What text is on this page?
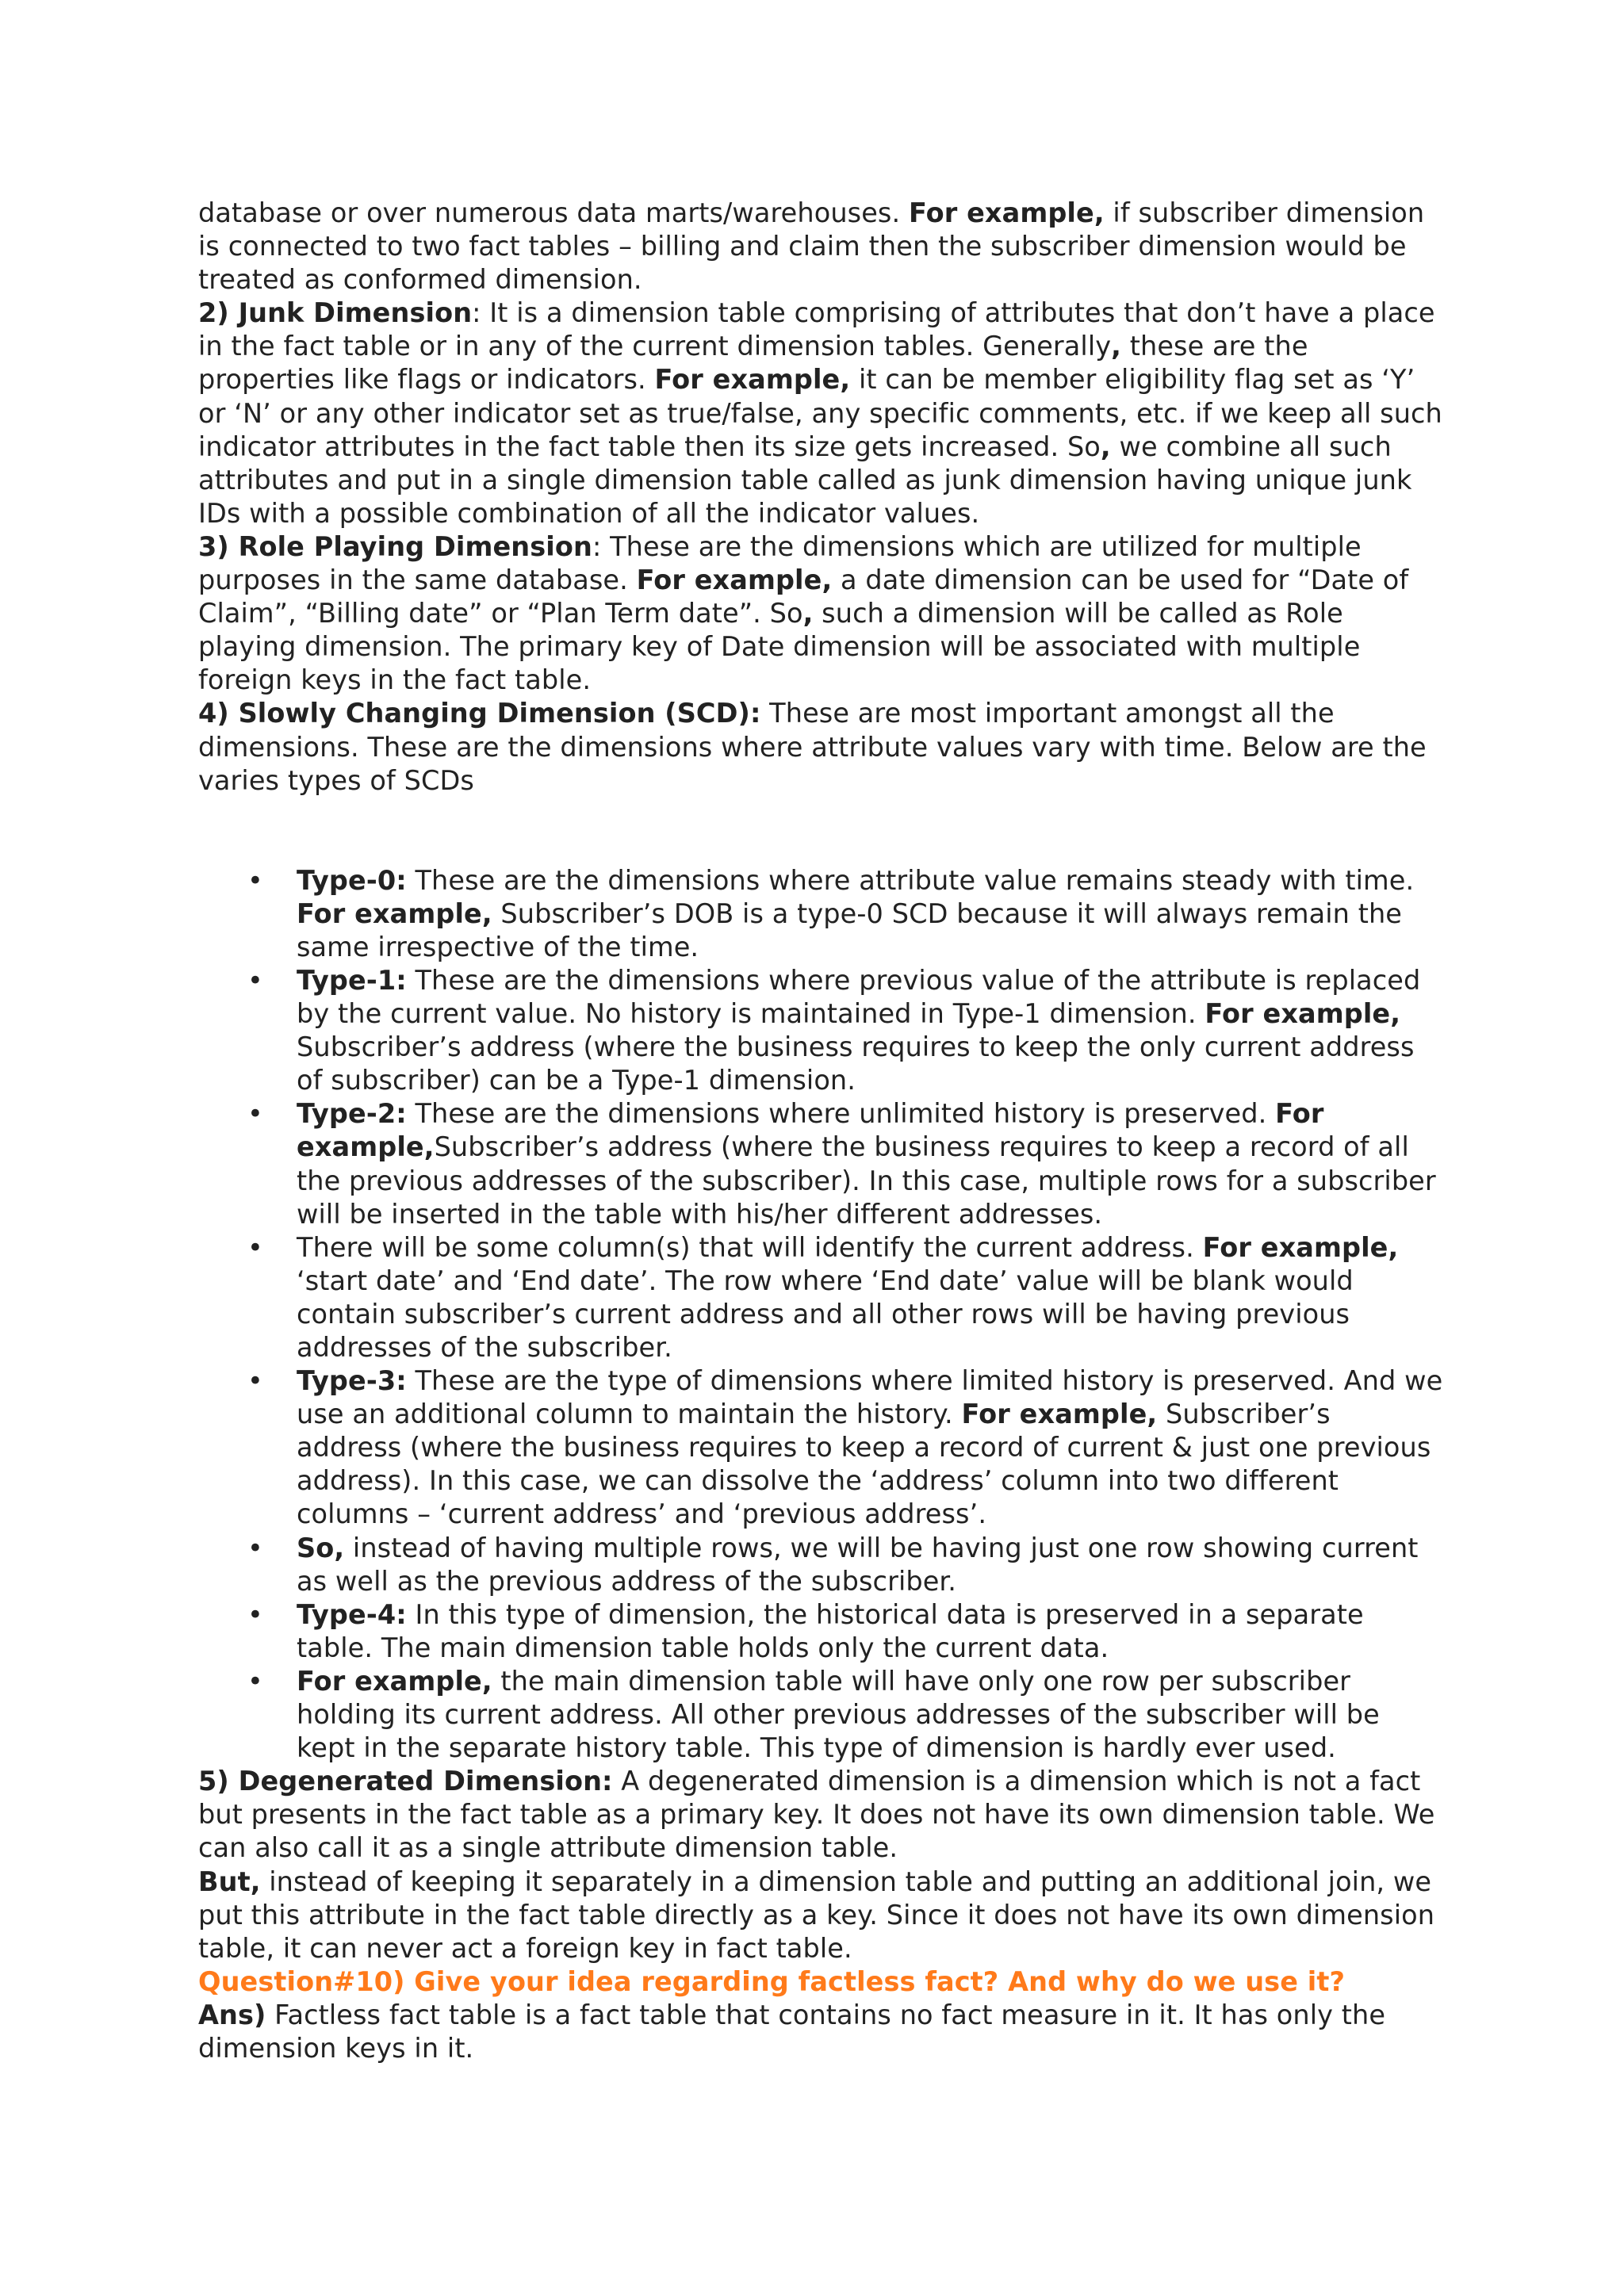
database or over numerous data marts/warehouses. For example, if subscriber dimension is connected to two fact tables – billing and claim then the subscriber dimension would be treated as conformed dimension.

2) Junk Dimension: It is a dimension table comprising of attributes that don’t have a place in the fact table or in any of the current dimension tables. Generally, these are the properties like flags or indicators. For example, it can be member eligibility flag set as ‘Y’ or ‘N’ or any other indicator set as true/false, any specific comments, etc. if we keep all such indicator attributes in the fact table then its size gets increased. So, we combine all such attributes and put in a single dimension table called as junk dimension having unique junk IDs with a possible combination of all the indicator values.

3) Role Playing Dimension: These are the dimensions which are utilized for multiple purposes in the same database. For example, a date dimension can be used for “Date of Claim”, “Billing date” or “Plan Term date”. So, such a dimension will be called as Role playing dimension. The primary key of Date dimension will be associated with multiple foreign keys in the fact table.

4) Slowly Changing Dimension (SCD): These are most important amongst all the dimensions. These are the dimensions where attribute values vary with time. Below are the varies types of SCDs

• Type-0: These are the dimensions where attribute value remains steady with time. For example, Subscriber’s DOB is a type-0 SCD because it will always remain the same irrespective of the time.
• Type-1: These are the dimensions where previous value of the attribute is replaced by the current value. No history is maintained in Type-1 dimension. For example, Subscriber’s address (where the business requires to keep the only current address of subscriber) can be a Type-1 dimension.
• Type-2: These are the dimensions where unlimited history is preserved. For example,Subscriber’s address (where the business requires to keep a record of all the previous addresses of the subscriber). In this case, multiple rows for a subscriber will be inserted in the table with his/her different addresses.
• There will be some column(s) that will identify the current address. For example, ‘start date’ and ‘End date’. The row where ‘End date’ value will be blank would contain subscriber’s current address and all other rows will be having previous addresses of the subscriber.
• Type-3: These are the type of dimensions where limited history is preserved. And we use an additional column to maintain the history. For example, Subscriber’s address (where the business requires to keep a record of current & just one previous address). In this case, we can dissolve the ‘address’ column into two different columns – ‘current address’ and ‘previous address’.
• So, instead of having multiple rows, we will be having just one row showing current as well as the previous address of the subscriber.
• Type-4: In this type of dimension, the historical data is preserved in a separate table. The main dimension table holds only the current data.
• For example, the main dimension table will have only one row per subscriber holding its current address. All other previous addresses of the subscriber will be kept in the separate history table. This type of dimension is hardly ever used.

5) Degenerated Dimension: A degenerated dimension is a dimension which is not a fact but presents in the fact table as a primary key. It does not have its own dimension table. We can also call it as a single attribute dimension table.

But, instead of keeping it separately in a dimension table and putting an additional join, we put this attribute in the fact table directly as a key. Since it does not have its own dimension table, it can never act a foreign key in fact table.

Question#10) Give your idea regarding factless fact? And why do we use it?

Ans) Factless fact table is a fact table that contains no fact measure in it. It has only the dimension keys in it.
